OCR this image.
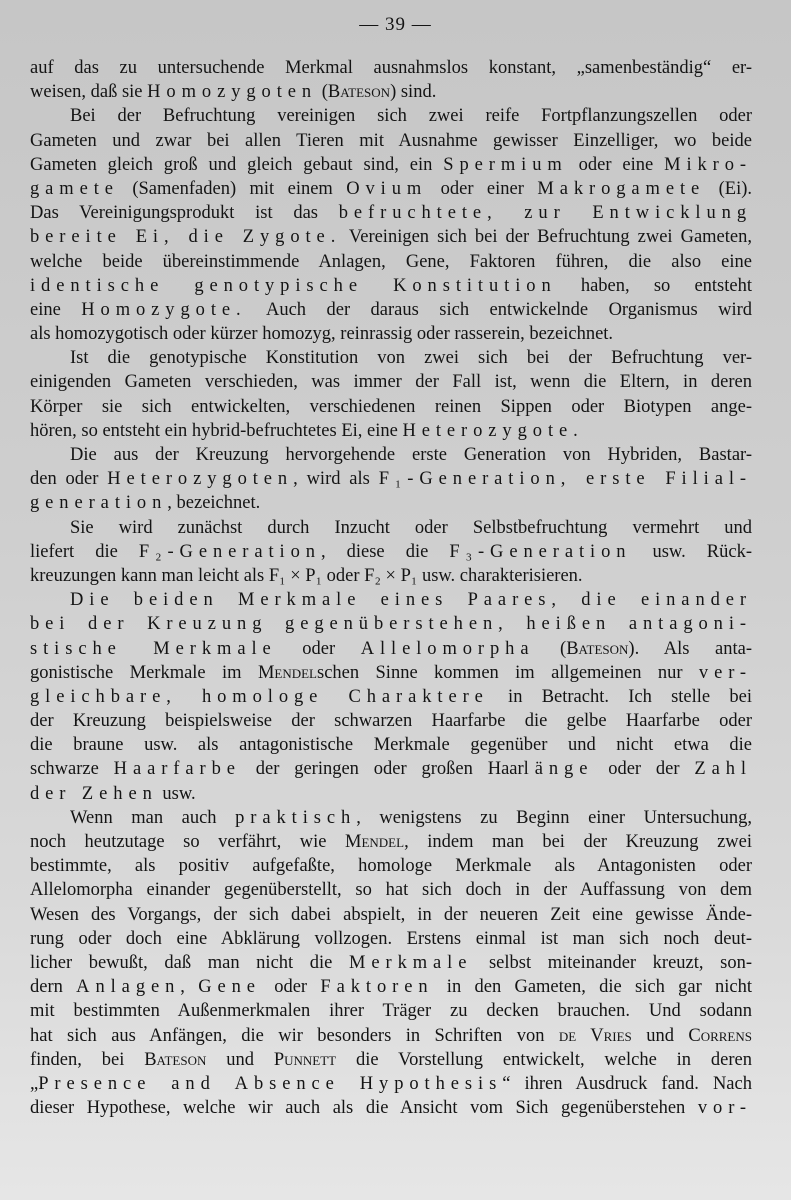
— 39 —
auf das zu untersuchende Merkmal ausnahmslos konstant, „samenbeständig“ er-
weisen, daß sie Homozygoten (Bateson) sind.
Bei der Befruchtung vereinigen sich zwei reife Fortpflanzungszellen oder
Gameten und zwar bei allen Tieren mit Ausnahme gewisser Einzelliger, wo beide
Gameten gleich groß und gleich gebaut sind, ein Spermium oder eine Mikro-
gamete (Samenfaden) mit einem Ovium oder einer Makrogamete (Ei).
Das Vereinigungsprodukt ist das befruchtete, zur Entwicklung
bereite Ei, die Zygote. Vereinigen sich bei der Befruchtung zwei Gameten,
welche beide übereinstimmende Anlagen, Gene, Faktoren führen, die also eine
identische genotypische Konstitution haben, so entsteht
eine Homozygote. Auch der daraus sich entwickelnde Organismus wird
als homozygotisch oder kürzer homozyg, reinrassig oder rasserein, bezeichnet.
Ist die genotypische Konstitution von zwei sich bei der Befruchtung ver-
einigenden Gameten verschieden, was immer der Fall ist, wenn die Eltern, in deren
Körper sie sich entwickelten, verschiedenen reinen Sippen oder Biotypen ange-
hören, so entsteht ein hybrid-befruchtetes Ei, eine Heterozygote.
Die aus der Kreuzung hervorgehende erste Generation von Hybriden, Bastar-
den oder Heterozygoten, wird als F₁-Generation, erste Filial-
generation, bezeichnet.
Sie wird zunächst durch Inzucht oder Selbstbefruchtung vermehrt und
liefert die F₂-Generation, diese die F₃-Generation usw. Rück-
kreuzungen kann man leicht als F₁ × P₁ oder F₂ × P₁ usw. charakterisieren.
Die beiden Merkmale eines Paares, die einander
bei der Kreuzung gegenüberstehen, heißen antagoni-
stische Merkmale oder Allelomorpha (Bateson). Als anta-
gonistische Merkmale im Mendelschen Sinne kommen im allgemeinen nur ver-
gleichbare, homologe Charaktere in Betracht. Ich stelle bei
der Kreuzung beispielsweise der schwarzen Haarfarbe die gelbe Haarfarbe oder
die braune usw. als antagonistische Merkmale gegenüber und nicht etwa die
schwarze Haarfarbe der geringen oder großen Haarlänge oder der Zahl
der Zehen usw.
Wenn man auch praktisch, wenigstens zu Beginn einer Untersuchung,
noch heutzutage so verfährt, wie Mendel, indem man bei der Kreuzung zwei
bestimmte, als positiv aufgefaßte, homologe Merkmale als Antagonisten oder
Allelomorpha einander gegenüberstellt, so hat sich doch in der Auffassung von dem
Wesen des Vorgangs, der sich dabei abspielt, in der neueren Zeit eine gewisse Ände-
rung oder doch eine Abklärung vollzogen. Erstens einmal ist man sich noch deut-
licher bewußt, daß man nicht die Merkmale selbst miteinander kreuzt, son-
dern Anlagen, Gene oder Faktoren in den Gameten, die sich gar nicht
mit bestimmten Außenmerkmalen ihrer Träger zu decken brauchen. Und sodann
hat sich aus Anfängen, die wir besonders in Schriften von de Vries und Correns
finden, bei Bateson und Punnett die Vorstellung entwickelt, welche in deren
„Presence and Absence Hypothesis“ ihren Ausdruck fand. Nach
dieser Hypothese, welche wir auch als die Ansicht vom Sich gegenüberstehen vor-
